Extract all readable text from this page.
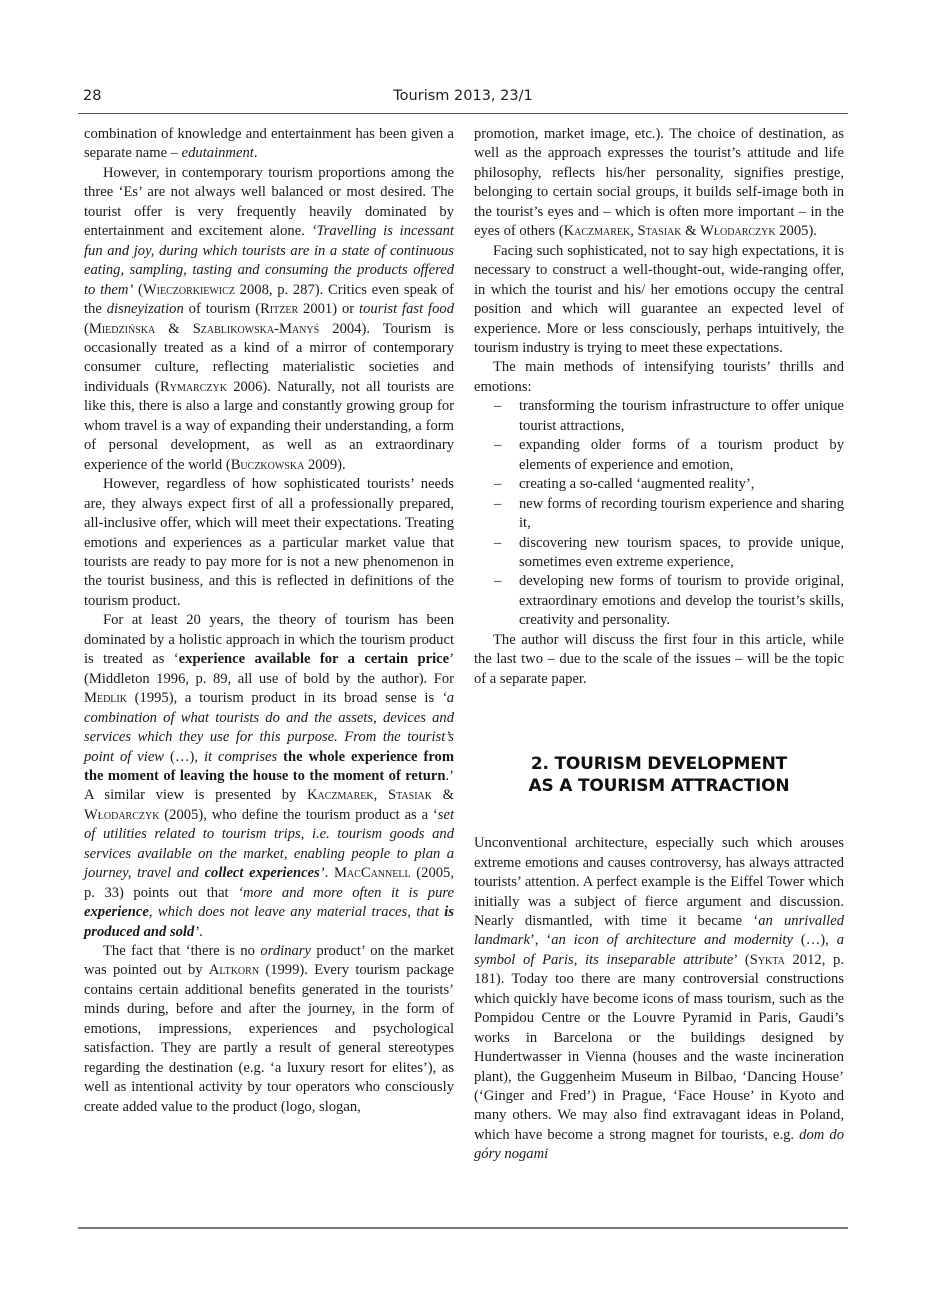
28	Tourism 2013, 23/1

combination of knowledge and entertainment has been given a separate name – edutainment.

However, in contemporary tourism proportions among the three ‘Es’ are not always well balanced or most desired. The tourist offer is very frequently heavily dominated by entertainment and excitement alone. ‘Travelling is incessant fun and joy, during which tourists are in a state of continuous eating, sampling, tasting and consuming the products offered to them’ (Wieczorkiewicz 2008, p. 287). Critics even speak of the disneyization of tourism (Ritzer 2001) or tourist fast food (Miedzińska & Szablikowska-Manyś 2004). Tourism is occasionally treated as a kind of a mirror of contemporary consumer culture, reflecting materialistic societies and individuals (Rymarczyk 2006). Naturally, not all tourists are like this, there is also a large and constantly growing group for whom travel is a way of expanding their understanding, a form of personal development, as well as an extraordinary experience of the world (Buczkowska 2009).

However, regardless of how sophisticated tourists’ needs are, they always expect first of all a professionally prepared, all-inclusive offer, which will meet their expectations. Treating emotions and experiences as a particular market value that tourists are ready to pay more for is not a new phenomenon in the tourist business, and this is reflected in definitions of the tourism product.

For at least 20 years, the theory of tourism has been dominated by a holistic approach in which the tourism product is treated as ‘experience available for a certain price’ (Middleton 1996, p. 89, all use of bold by the author). For Medlik (1995), a tourism product in its broad sense is ‘a combination of what tourists do and the assets, devices and services which they use for this purpose. From the tourist’s point of view (…), it comprises the whole experience from the moment of leaving the house to the moment of return.’ A similar view is presented by Kaczmarek, Stasiak & Włodarczyk (2005), who define the tourism product as a ‘set of utilities related to tourism trips, i.e. tourism goods and services available on the market, enabling people to plan a journey, travel and collect experiences’. MacCannell (2005, p. 33) points out that ‘more and more often it is pure experience, which does not leave any material traces, that is produced and sold’.

The fact that ‘there is no ordinary product’ on the market was pointed out by Altkorn (1999). Every tourism package contains certain additional benefits generated in the tourists’ minds during, before and after the journey, in the form of emotions, impressions, experiences and psychological satisfaction. They are partly a result of general stereotypes regarding the destination (e.g. ‘a luxury resort for elites’), as well as intentional activity by tour operators who consciously create added value to the product (logo, slogan,

promotion, market image, etc.). The choice of destination, as well as the approach expresses the tourist’s attitude and life philosophy, reflects his/her personality, signifies prestige, belonging to certain social groups, it builds self-image both in the tourist’s eyes and – which is often more important – in the eyes of others (Kaczmarek, Stasiak & Włodarczyk 2005).

Facing such sophisticated, not to say high expectations, it is necessary to construct a well-thought-out, wide-ranging offer, in which the tourist and his/ her emotions occupy the central position and which will guarantee an expected level of experience. More or less consciously, perhaps intuitively, the tourism industry is trying to meet these expectations.

The main methods of intensifying tourists’ thrills and emotions:

– transforming the tourism infrastructure to offer unique tourist attractions,
– expanding older forms of a tourism product by elements of experience and emotion,
– creating a so-called ‘augmented reality’,
– new forms of recording tourism experience and sharing it,
– discovering new tourism spaces, to provide unique, sometimes even extreme experience,
– developing new forms of tourism to provide original, extraordinary emotions and develop the tourist’s skills, creativity and personality.

The author will discuss the first four in this article, while the last two – due to the scale of the issues – will be the topic of a separate paper.

2. TOURISM DEVELOPMENT
AS A TOURISM ATTRACTION

Unconventional architecture, especially such which arouses extreme emotions and causes controversy, has always attracted tourists’ attention. A perfect example is the Eiffel Tower which initially was a subject of fierce argument and discussion. Nearly dismantled, with time it became ‘an unrivalled landmark’, ‘an icon of architecture and modernity (…), a symbol of Paris, its inseparable attribute’ (Sykta 2012, p. 181). Today too there are many controversial constructions which quickly have become icons of mass tourism, such as the Pompidou Centre or the Louvre Pyramid in Paris, Gaudi’s works in Barcelona or the buildings designed by Hundertwasser in Vienna (houses and the waste incineration plant), the Guggenheim Museum in Bilbao, ‘Dancing House’ (‘Ginger and Fred’) in Prague, ‘Face House’ in Kyoto and many others. We may also find extravagant ideas in Poland, which have become a strong magnet for tourists, e.g. dom do góry nogami
